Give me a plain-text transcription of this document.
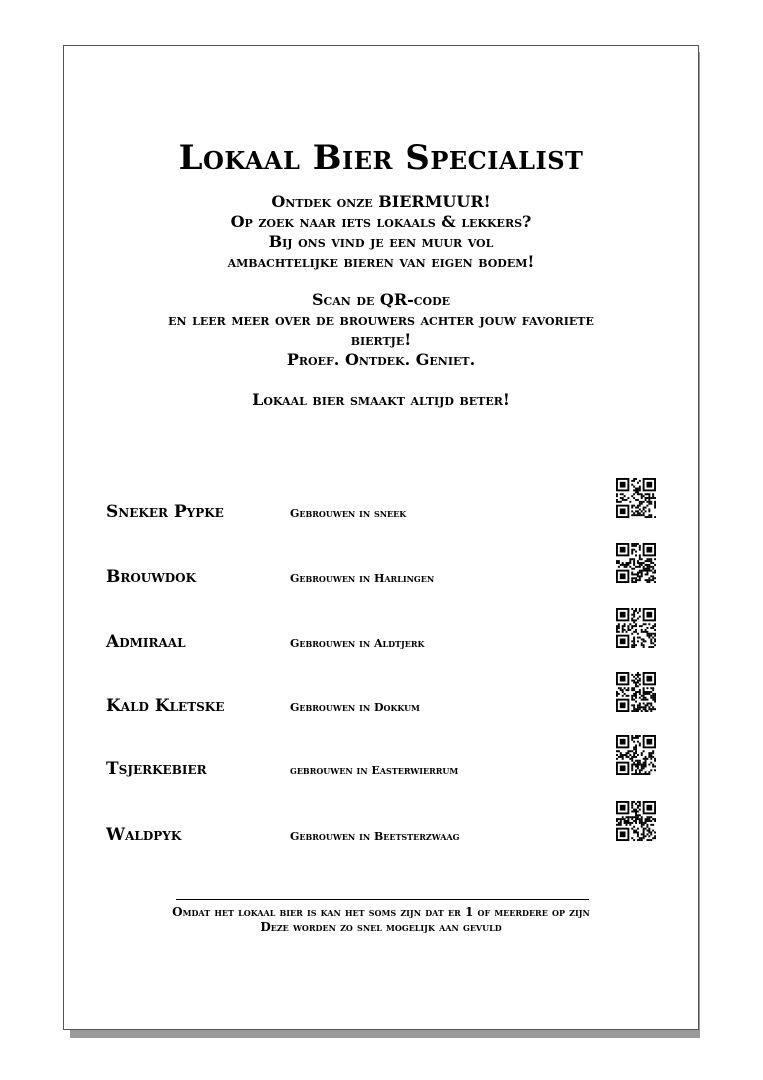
Lokaal Bier Specialist
Ontdek onze BIERMUUR!
Op zoek naar iets lokaals & lekkers?
Bij ons vind je een muur vol
ambachtelijke bieren van eigen bodem!
Scan de QR-code
en leer meer over de brouwers achter jouw favoriete
biertje!
Proef. Ontdek. Geniet.
Lokaal bier smaakt altijd beter!
Sneker Pypke	Gebrouwen in sneek
Brouwdok	Gebrouwen in Harlingen
Admiraal	Gebrouwen in Aldtjerk
Kald Kletske	Gebrouwen in Dokkum
Tsjerkebier	gebrouwen in Easterwierrum
Waldpyk	Gebrouwen in Beetsterzwaag
Omdat het lokaal bier is kan het soms zijn dat er 1 of meerdere op zijn
Deze worden zo snel mogelijk aan gevuld
